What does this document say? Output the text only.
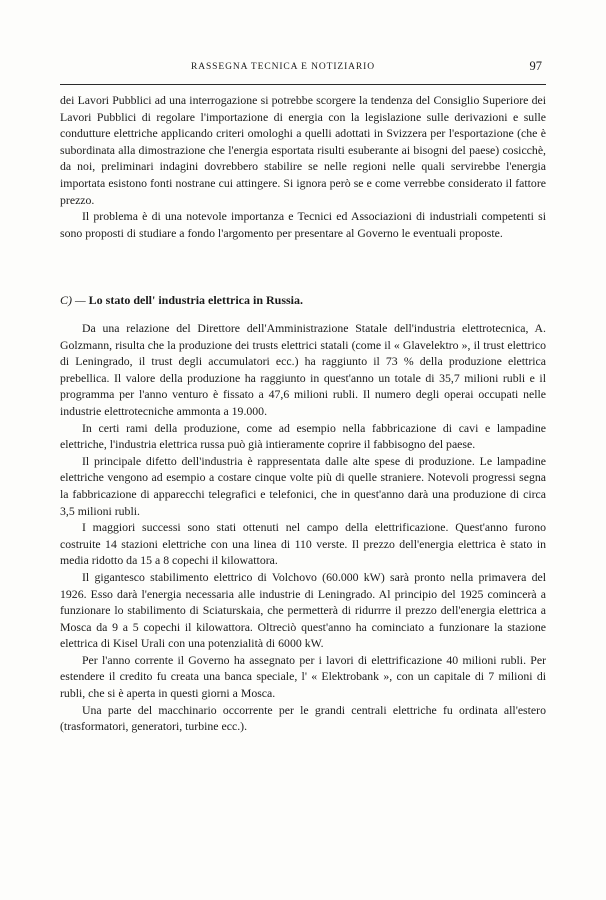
RASSEGNA TECNICA E NOTIZIARIO	97

dei Lavori Pubblici ad una interrogazione si potrebbe scorgere la tendenza del Consiglio Superiore dei Lavori Pubblici di regolare l'importazione di energia con la legislazione sulle derivazioni e sulle condutture elettriche applicando criteri omologhi a quelli adottati in Svizzera per l'esportazione (che è subordinata alla dimostrazione che l'energia esportata risulti esuberante ai bisogni del paese) cosicchè, da noi, preliminari indagini dovrebbero stabilire se nelle regioni nelle quali servirebbe l'energia importata esistono fonti nostrane cui attingere. Si ignora però se e come verrebbe considerato il fattore prezzo.

Il problema è di una notevole importanza e Tecnici ed Associazioni di industriali competenti si sono proposti di studiare a fondo l'argomento per presentare al Governo le eventuali proposte.

C) — Lo stato dell' industria elettrica in Russia.

Da una relazione del Direttore dell'Amministrazione Statale dell'industria elettrotecnica, A. Golzmann, risulta che la produzione dei trusts elettrici statali (come il « Glavelektro », il trust elettrico di Leningrado, il trust degli accumulatori ecc.) ha raggiunto il 73 % della produzione elettrica prebellica. Il valore della produzione ha raggiunto in quest'anno un totale di 35,7 milioni rubli e il programma per l'anno venturo è fissato a 47,6 milioni rubli. Il numero degli operai occupati nelle industrie elettrotecniche ammonta a 19.000.

In certi rami della produzione, come ad esempio nella fabbricazione di cavi e lampadine elettriche, l'industria elettrica russa può già intieramente coprire il fabbisogno del paese.

Il principale difetto dell'industria è rappresentata dalle alte spese di produzione. Le lampadine elettriche vengono ad esempio a costare cinque volte più di quelle straniere. Notevoli progressi segna la fabbricazione di apparecchi telegrafici e telefonici, che in quest'anno darà una produzione di circa 3,5 milioni rubli.

I maggiori successi sono stati ottenuti nel campo della elettrificazione. Quest'anno furono costruite 14 stazioni elettriche con una linea di 110 verste. Il prezzo dell'energia elettrica è stato in media ridotto da 15 a 8 copechi il kilowattora.

Il gigantesco stabilimento elettrico di Volchovo (60.000 kW) sarà pronto nella primavera del 1926. Esso darà l'energia necessaria alle industrie di Leningrado. Al principio del 1925 comincerà a funzionare lo stabilimento di Sciaturskaia, che permetterà di ridurrre il prezzo dell'energia elettrica a Mosca da 9 a 5 copechi il kilowattora. Oltreciò quest'anno ha cominciato a funzionare la stazione elettrica di Kisel Urali con una potenzialità di 6000 kW.

Per l'anno corrente il Governo ha assegnato per i lavori di elettrificazione 40 milioni rubli. Per estendere il credito fu creata una banca speciale, l' « Elektrobank », con un capitale di 7 milioni di rubli, che si è aperta in questi giorni a Mosca.

Una parte del macchinario occorrente per le grandi centrali elettriche fu ordinata all'estero (trasformatori, generatori, turbine ecc.).
